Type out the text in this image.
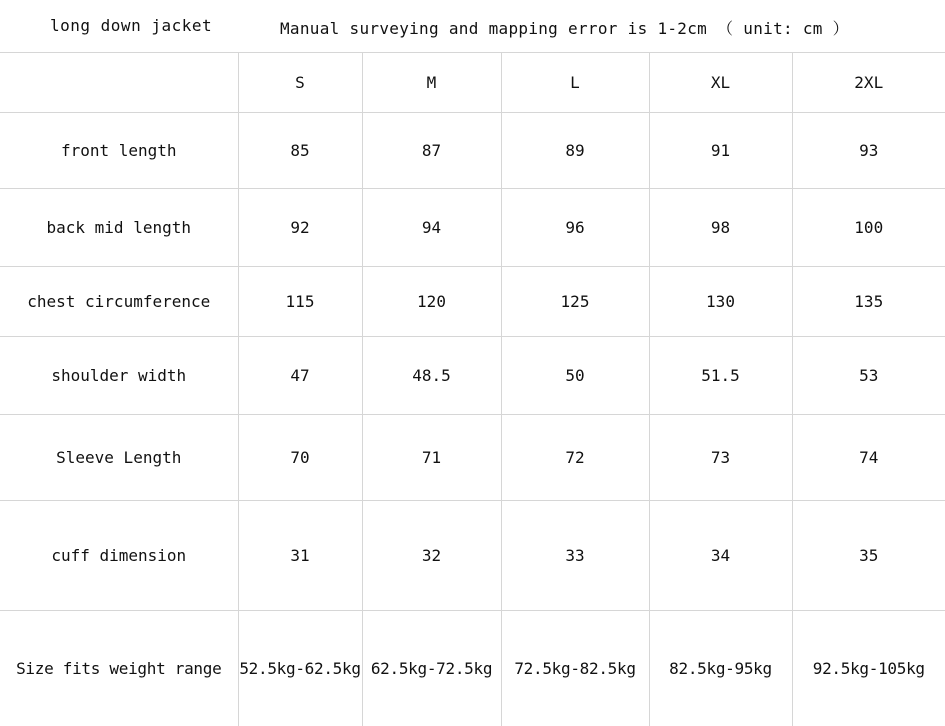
long down jacket	Manual surveying and mapping error is 1-2cm （ unit: cm ）
	S	M	L	XL	2XL
front length	85	87	89	91	93
back mid length	92	94	96	98	100
chest circumference	115	120	125	130	135
shoulder width	47	48.5	50	51.5	53
Sleeve Length	70	71	72	73	74
cuff dimension	31	32	33	34	35
Size fits weight range	52.5kg-62.5kg	62.5kg-72.5kg	72.5kg-82.5kg	82.5kg-95kg	92.5kg-105kg
